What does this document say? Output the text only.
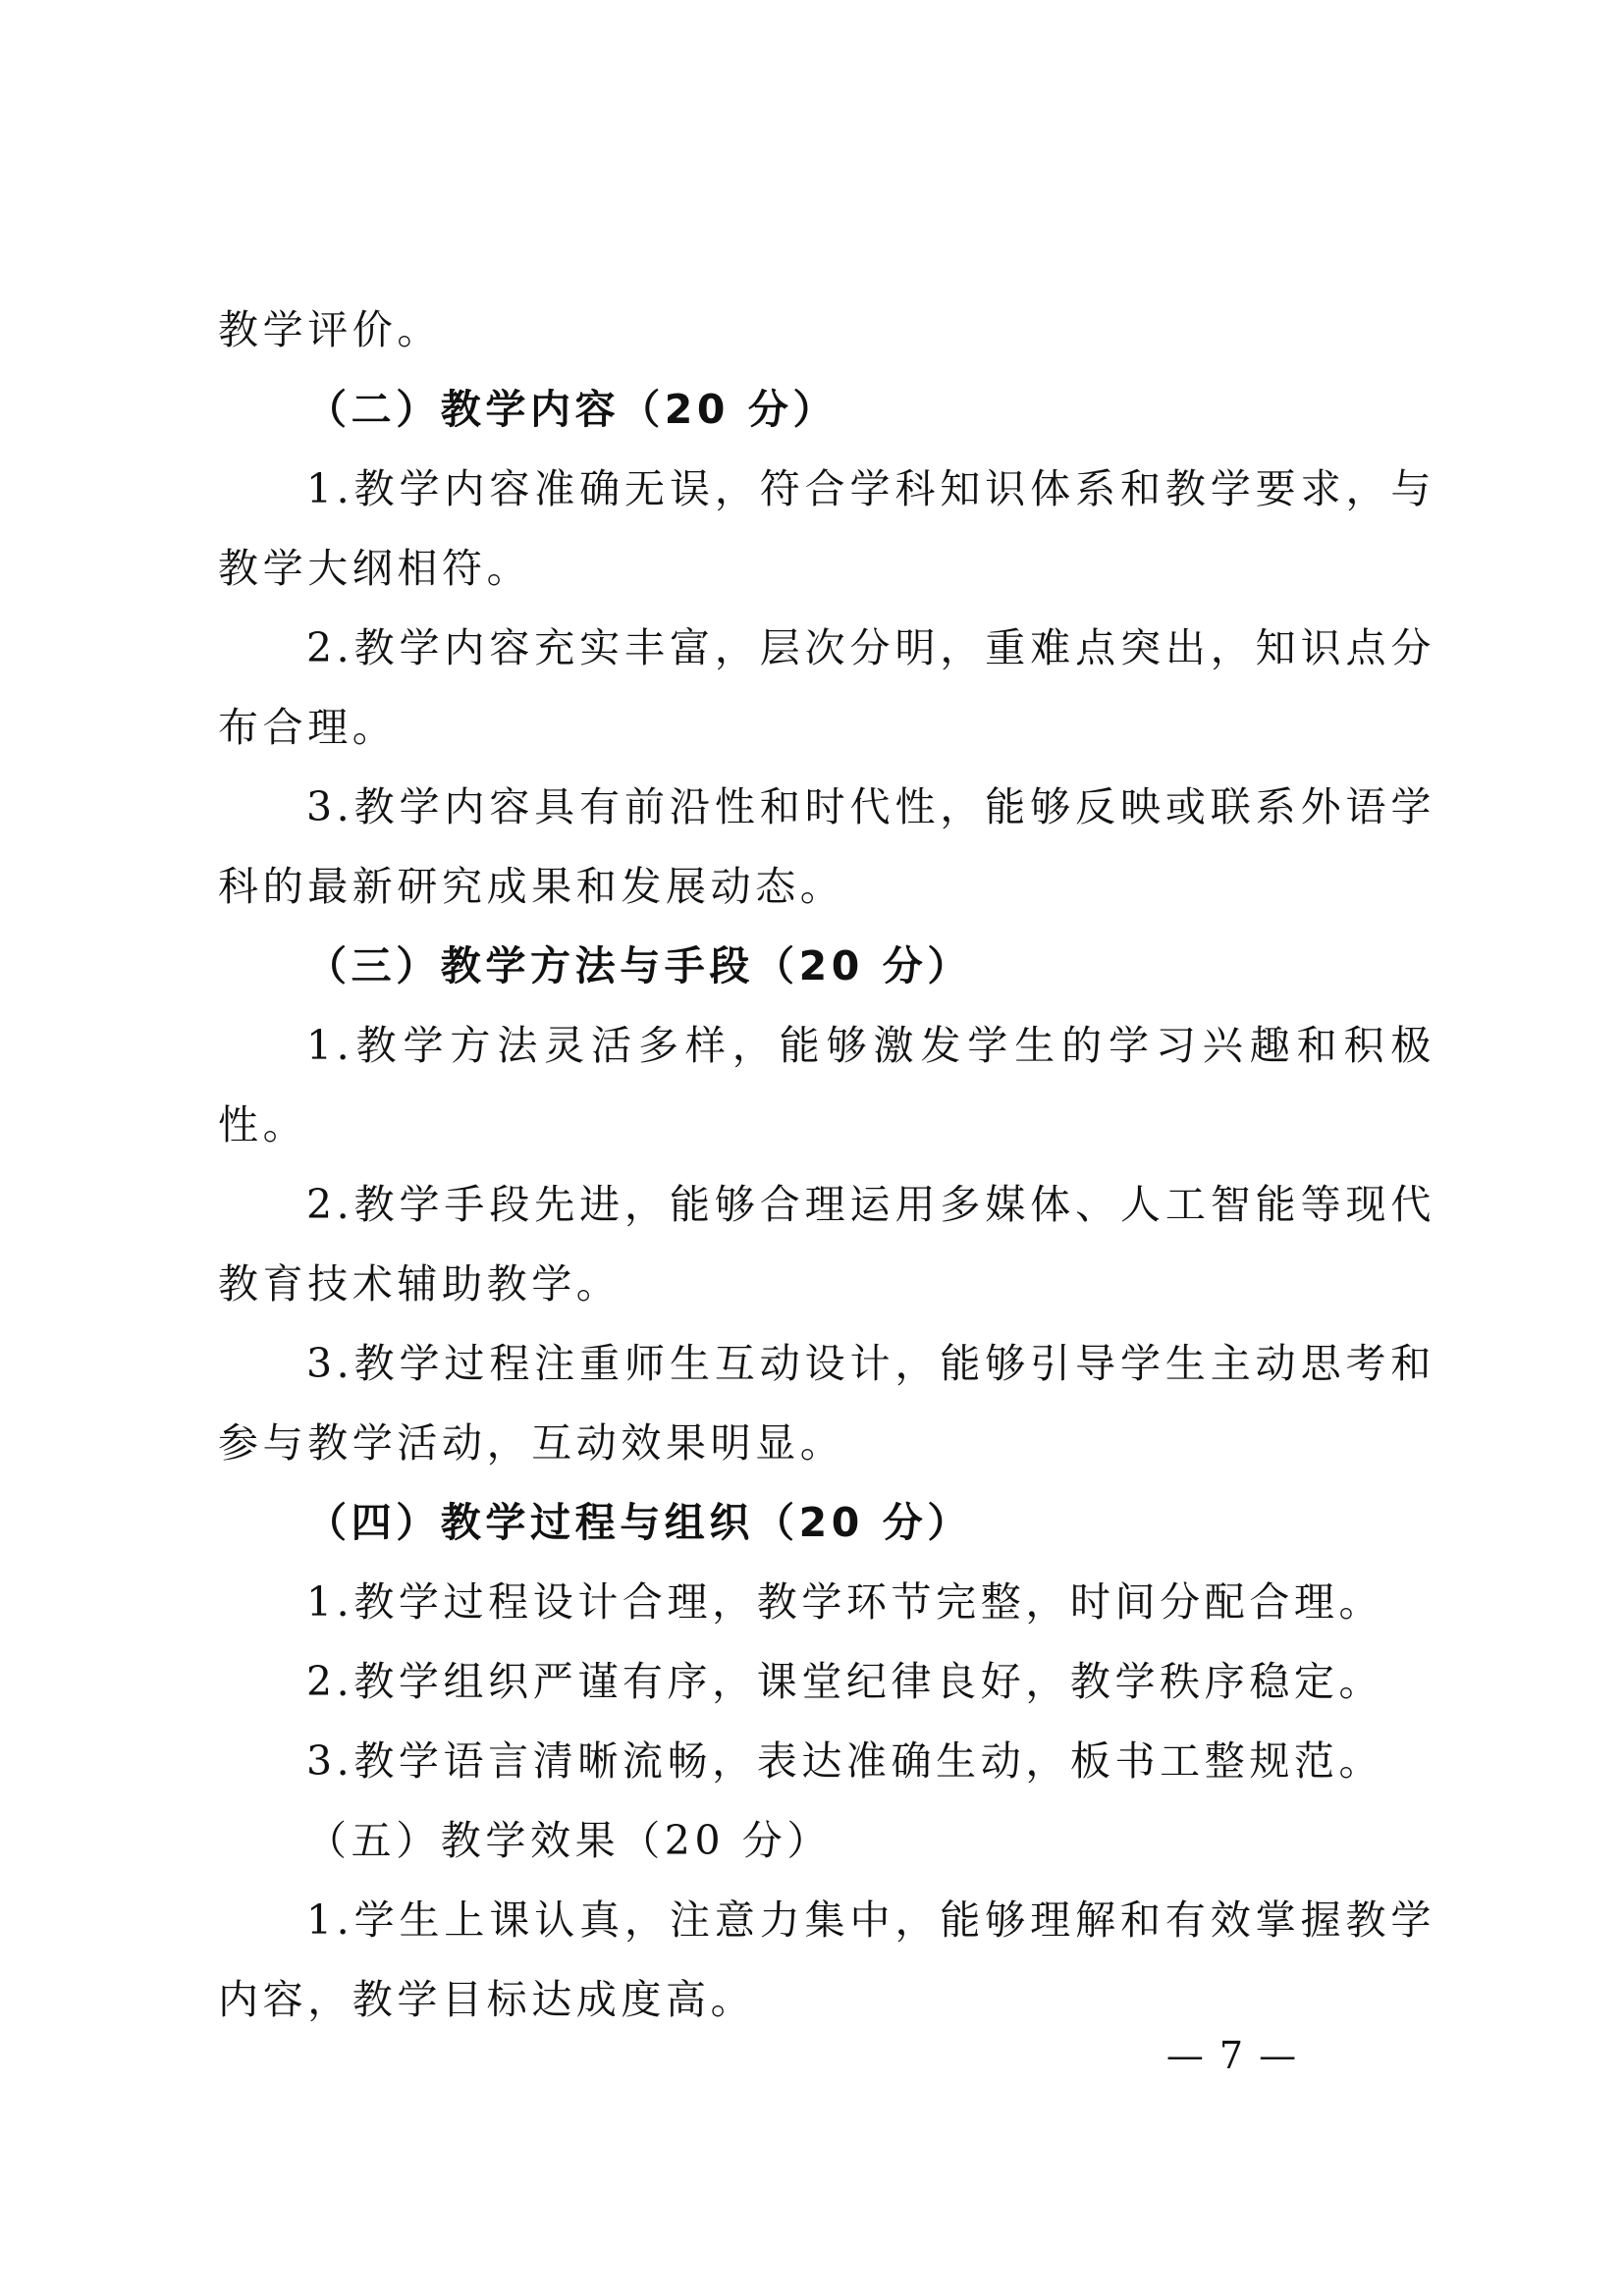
教学评价。

（二）教学内容（20 分）

1.教学内容准确无误，符合学科知识体系和教学要求，与教学大纲相符。

2.教学内容充实丰富，层次分明，重难点突出，知识点分布合理。

3.教学内容具有前沿性和时代性，能够反映或联系外语学科的最新研究成果和发展动态。

（三）教学方法与手段（20 分）

1.教学方法灵活多样，能够激发学生的学习兴趣和积极性。

2.教学手段先进，能够合理运用多媒体、人工智能等现代教育技术辅助教学。

3.教学过程注重师生互动设计，能够引导学生主动思考和参与教学活动，互动效果明显。

（四）教学过程与组织（20 分）

1.教学过程设计合理，教学环节完整，时间分配合理。

2.教学组织严谨有序，课堂纪律良好，教学秩序稳定。

3.教学语言清晰流畅，表达准确生动，板书工整规范。

（五）教学效果（20 分）

1.学生上课认真，注意力集中，能够理解和有效掌握教学内容，教学目标达成度高。

— 7 —
